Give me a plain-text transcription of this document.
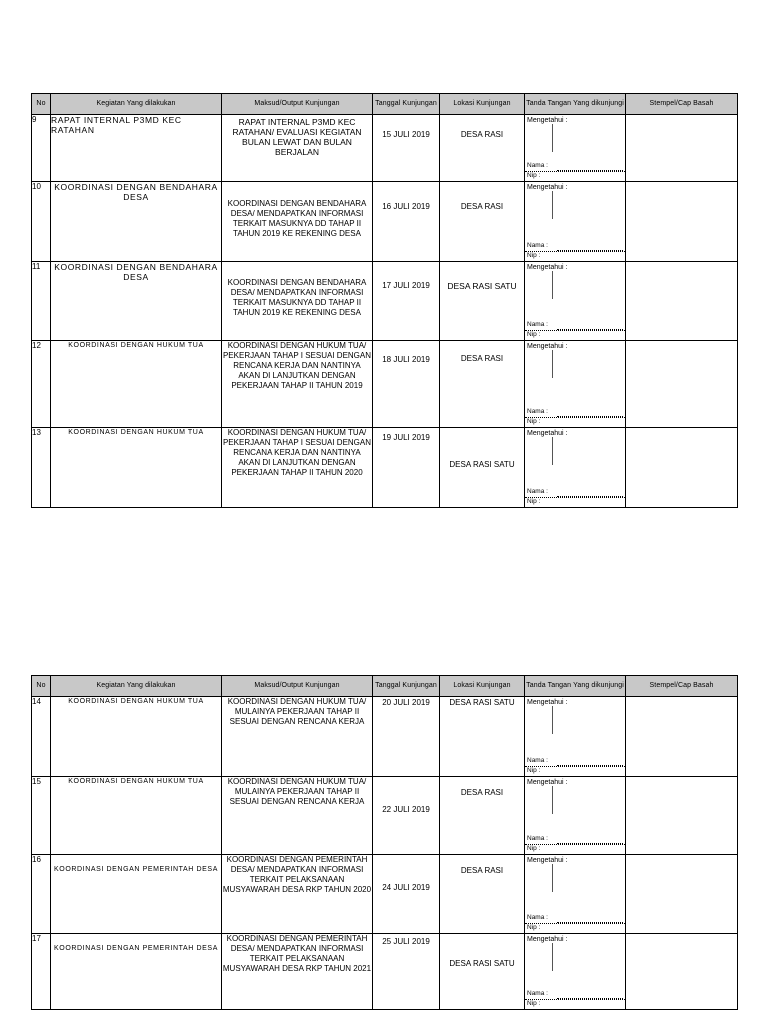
No	Kegiatan Yang dilakukan	Maksud/Output Kunjungan	Tanggal Kunjungan	Lokasi Kunjungan	Tanda Tangan Yang dikunjungi	Stempel/Cap Basah
9	RAPAT INTERNAL P3MD KEC RATAHAN	RAPAT INTERNAL P3MD KEC RATAHAN/ EVALUASI KEGIATAN BULAN LEWAT DAN BULAN BERJALAN	15 JULI 2019	DESA RASI	Mengetahui :
Nama :
Nip :	

10	KOORDINASI DENGAN BENDAHARA DESA	KOORDINASI DENGAN BENDAHARA DESA/ MENDAPATKAN INFORMASI TERKAIT MASUKNYA DD TAHAP II TAHUN 2019 KE REKENING DESA	16 JULI 2019	DESA RASI	Mengetahui :
Nama :
Nip :	

11	KOORDINASI DENGAN BENDAHARA DESA	KOORDINASI DENGAN BENDAHARA DESA/ MENDAPATKAN INFORMASI TERKAIT MASUKNYA DD TAHAP II TAHUN 2019 KE REKENING DESA	17 JULI 2019	DESA RASI SATU	Mengetahui :
Nama :
Nip :	

12	KOORDINASI DENGAN HUKUM TUA	KOORDINASI DENGAN HUKUM TUA/ PEKERJAAN TAHAP I SESUAI DENGAN RENCANA KERJA DAN NANTINYA AKAN DI LANJUTKAN DENGAN PEKERJAAN TAHAP II TAHUN 2019	18 JULI 2019	DESA RASI	Mengetahui :
Nama :
Nip :	

13	KOORDINASI DENGAN HUKUM TUA	KOORDINASI DENGAN HUKUM TUA/ PEKERJAAN TAHAP I SESUAI DENGAN RENCANA KERJA DAN NANTINYA AKAN DI LANJUTKAN DENGAN PEKERJAAN TAHAP II TAHUN 2020	19 JULI 2019	DESA RASI SATU	Mengetahui :
Nama :
Nip :	

No	Kegiatan Yang dilakukan	Maksud/Output Kunjungan	Tanggal Kunjungan	Lokasi Kunjungan	Tanda Tangan Yang dikunjungi	Stempel/Cap Basah
14	KOORDINASI DENGAN HUKUM TUA	KOORDINASI DENGAN HUKUM TUA/ MULAINYA PEKERJAAN TAHAP II SESUAI DENGAN RENCANA KERJA	20 JULI 2019	DESA RASI SATU	Mengetahui :
Nama :
Nip :	

15	KOORDINASI DENGAN HUKUM TUA	KOORDINASI DENGAN HUKUM TUA/ MULAINYA PEKERJAAN TAHAP II SESUAI DENGAN RENCANA KERJA	22 JULI 2019	DESA RASI	Mengetahui :
Nama :
Nip :	

16	KOORDINASI DENGAN PEMERINTAH DESA	KOORDINASI DENGAN PEMERINTAH DESA/ MENDAPATKAN INFORMASI TERKAIT PELAKSANAAN MUSYAWARAH DESA RKP TAHUN 2020	24 JULI 2019	DESA RASI	Mengetahui :
Nama :
Nip :	

17	KOORDINASI DENGAN PEMERINTAH DESA	KOORDINASI DENGAN PEMERINTAH DESA/ MENDAPATKAN INFORMASI TERKAIT PELAKSANAAN MUSYAWARAH DESA RKP TAHUN 2021	25 JULI 2019	DESA RASI SATU	Mengetahui :
Nama :
Nip :	
